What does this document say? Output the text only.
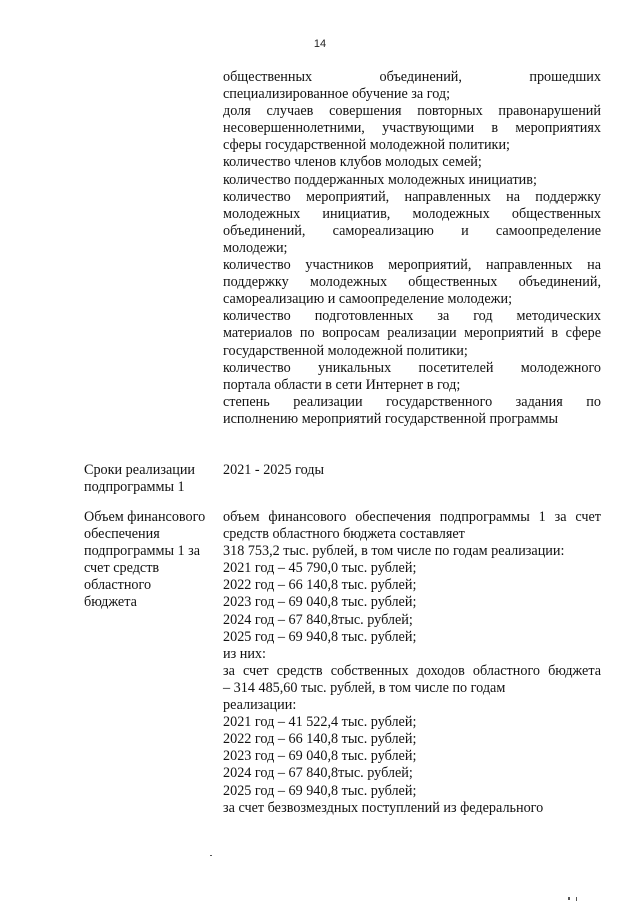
14
общественных объединений, прошедших
специализированное обучение за год;
доля случаев совершения повторных правонарушений
несовершеннолетними, участвующими в мероприятиях
сферы государственной молодежной политики;
количество членов клубов молодых семей;
количество поддержанных молодежных инициатив;
количество мероприятий, направленных на поддержку
молодежных инициатив, молодежных общественных
объединений, самореализацию и самоопределение
молодежи;
количество участников мероприятий, направленных на
поддержку молодежных общественных объединений,
самореализацию и самоопределение молодежи;
количество подготовленных за год методических
материалов по вопросам реализации мероприятий в сфере
государственной молодежной политики;
количество уникальных посетителей молодежного
портала области в сети Интернет в год;
степень реализации государственного задания по
исполнению мероприятий государственной программы
Сроки реализации
подпрограммы 1
2021 - 2025 годы
Объем финансового
обеспечения
подпрограммы 1 за
счет средств
областного
бюджета
объем финансового обеспечения подпрограммы 1 за счет
средств областного бюджета составляет
318 753,2 тыс. рублей, в том числе по годам реализации:
2021 год – 45 790,0 тыс. рублей;
2022 год – 66 140,8 тыс. рублей;
2023 год – 69 040,8 тыс. рублей;
2024 год – 67 840,8тыс. рублей;
2025 год – 69 940,8 тыс. рублей;
из них:
за счет средств собственных доходов областного бюджета
– 314 485,60 тыс. рублей, в том числе по годам
реализации:
2021 год – 41 522,4 тыс. рублей;
2022 год – 66 140,8 тыс. рублей;
2023 год – 69 040,8 тыс. рублей;
2024 год – 67 840,8тыс. рублей;
2025 год – 69 940,8 тыс. рублей;
за счет безвозмездных поступлений из федерального
